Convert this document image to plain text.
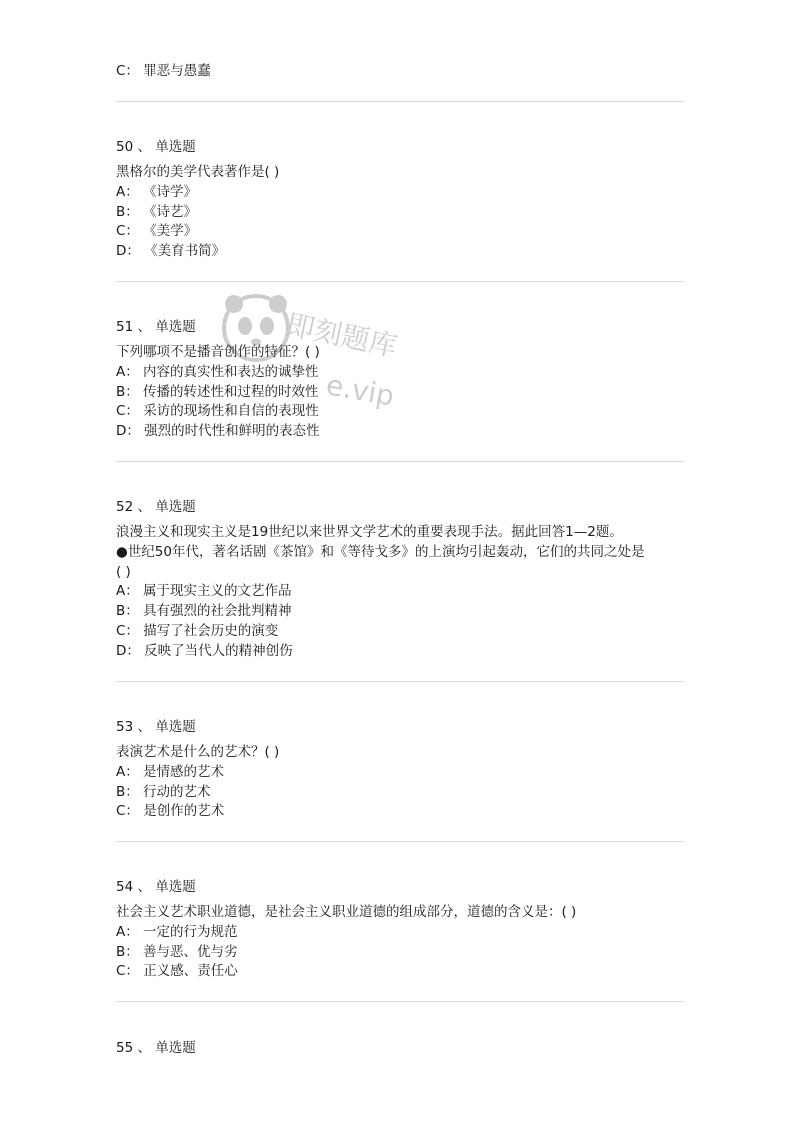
C： 罪恶与愚蠢
50 、 单选题
黑格尔的美学代表著作是( )
A： 《诗学》
B： 《诗艺》
C： 《美学》
D： 《美育书简》
51 、 单选题
下列哪项不是播音创作的特征？( )
A： 内容的真实性和表达的诚挚性
B： 传播的转述性和过程的时效性
C： 采访的现场性和自信的表现性
D： 强烈的时代性和鲜明的表态性
52 、 单选题
浪漫主义和现实主义是19世纪以来世界文学艺术的重要表现手法。据此回答1—2题。
●世纪50年代，著名话剧《茶馆》和《等待戈多》的上演均引起轰动，它们的共同之处是
( )
A： 属于现实主义的文艺作品
B： 具有强烈的社会批判精神
C： 描写了社会历史的演变
D： 反映了当代人的精神创伤
53 、 单选题
表演艺术是什么的艺术？( )
A： 是情感的艺术
B： 行动的艺术
C： 是创作的艺术
54 、 单选题
社会主义艺术职业道德，是社会主义职业道德的组成部分，道德的含义是：( )
A： 一定的行为规范
B： 善与恶、优与劣
C： 正义感、责任心
55 、 单选题
即刻题库
e.vip
